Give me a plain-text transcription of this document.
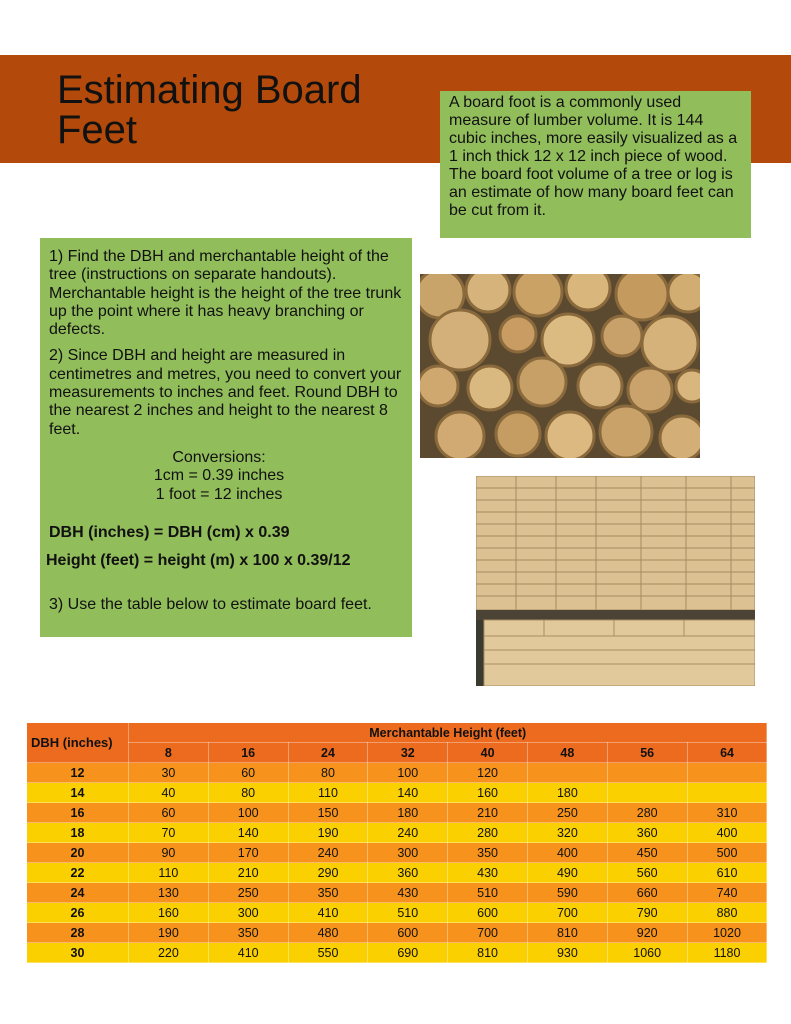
Estimating Board Feet
A board foot is a commonly used measure of lumber volume. It is 144 cubic inches, more easily visualized as a 1 inch thick 12 x 12 inch piece of wood. The board foot volume of a tree or log is an estimate of how many board feet can be cut from it.

1) Find the DBH and merchantable height of the tree (instructions on separate handouts). Merchantable height is the height of the tree trunk up the point where it has heavy branching or defects.

2) Since DBH and height are measured in centimetres and metres, you need to convert your measurements to inches and feet. Round DBH to the nearest 2 inches and height to the nearest 8 feet.

Conversions:

1cm = 0.39 inches

1 foot = 12 inches

DBH (inches) = DBH (cm) x 0.39

Height (feet) = height (m) x 100 x 0.39/12

3) Use the table below to estimate board feet.

DBH (inches)	Merchantable Height (feet)							
	8	16	24	32	40	48	56	64
12	30	60	80	100	120			
14	40	80	110	140	160	180		
16	60	100	150	180	210	250	280	310
18	70	140	190	240	280	320	360	400
20	90	170	240	300	350	400	450	500
22	110	210	290	360	430	490	560	610
24	130	250	350	430	510	590	660	740
26	160	300	410	510	600	700	790	880
28	190	350	480	600	700	810	920	1020
30	220	410	550	690	810	930	1060	1180
